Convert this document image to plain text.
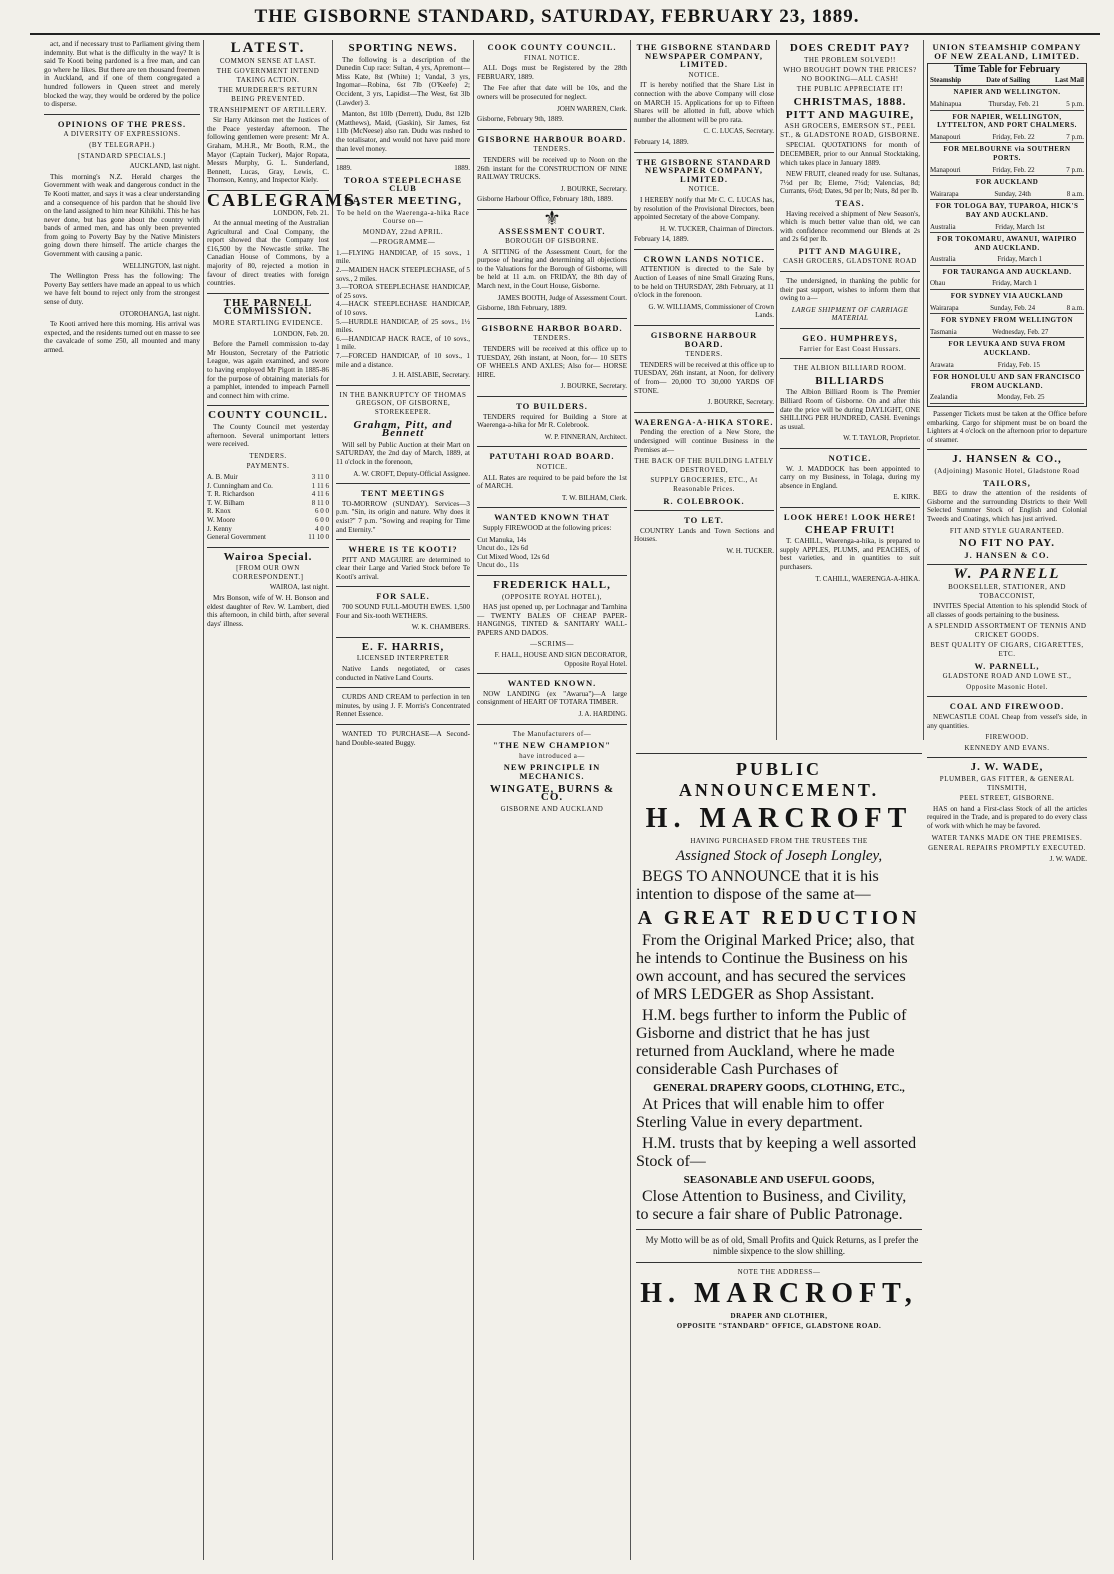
THE GISBORNE STANDARD, SATURDAY, FEBRUARY 23, 1889.

act, and if necessary trust to Parliament giving them indemnity. But what is the difficulty in the way? It is said Te Kooti being pardoned is a free man, and can go where he likes. But there are ten thousand freemen in Auckland, and if one of them congregated a hundred followers in Queen street and merely blocked the way, they would be ordered by the police to disperse.

OPINIONS OF THE PRESS.
A DIVERSITY OF EXPRESSIONS.
(BY TELEGRAPH.)
[STANDARD SPECIALS.]
AUCKLAND, last night.

This morning's N.Z. Herald charges the Government with weak and dangerous conduct in the Te Kooti matter, and says it was a clear understanding and a consequence of his pardon that he should live on the land assigned to him near Kihikihi. This he has never done, but has gone about the country with bands of armed men, and has only been prevented from going to Poverty Bay by the Native Ministers going down there himself. The article charges the Government with causing a panic.

WELLINGTON, last night.

The Wellington Press has the following: The Poverty Bay settlers have made an appeal to us which we have felt bound to reject only from the strongest sense of duty.

OTOROHANGA, last night.

Te Kooti arrived here this morning. His arrival was expected, and the residents turned out en masse to see the cavalcade of some 250, all mounted and many armed.

LATEST.
COMMON SENSE AT LAST.
THE GOVERNMENT INTEND TAKING ACTION.
THE MURDERER'S RETURN BEING PREVENTED.
TRANSHIPMENT OF ARTILLERY.

Sir Harry Atkinson met the Justices of the Peace yesterday afternoon. The following gentlemen were present: Mr A. Graham, M.H.R., Mr Booth, R.M., the Mayor (Captain Tucker), Major Ropata, Messrs Murphy, G. L. Sunderland, Bennett, Lucas, Gray, Lewis, C. Thomson, Kenny, and Inspector Kiely.

CABLEGRAMS.
LONDON, Feb. 21.

At the annual meeting of the Australian Agricultural and Coal Company, the report showed that the Company lost £16,500 by the Newcastle strike. The Canadian House of Commons, by a majority of 80, rejected a motion in favour of direct treaties with foreign countries.

THE PARNELL COMMISSION.
MORE STARTLING EVIDENCE.
LONDON, Feb. 20.

Before the Parnell commission to-day Mr Houston, Secretary of the Patriotic League, was again examined, and swore to having employed Mr Pigott in 1885-86 for the purpose of obtaining materials for a pamphlet, intended to impeach Parnell and connect him with crime.

COUNTY COUNCIL.

The County Council met yesterday afternoon. Several unimportant letters were received.

TENDERS.
PAYMENTS.
A. B. Muir	3 11 0
J. Cunningham and Co.	1 11 6
T. R. Richardson	4 11 6
T. W. Bilham	8 11 0
R. Knox	6 0 0
W. Moore	6 0 0
J. Kenny	4 0 0
General Government	11 10 0
Wairoa Special.
[FROM OUR OWN CORRESPONDENT.]
WAIROA, last night.

Mrs Bonson, wife of W. H. Bonson and eldest daughter of Rev. W. Lambert, died this afternoon, in child birth, after several days' illness.

SPORTING NEWS.

The following is a description of the Dunedin Cup race: Sultan, 4 yrs, Apremont—Miss Kate, 8st (White) 1; Vandal, 3 yrs, Ingomar—Robina, 6st 7lb (O'Keefe) 2; Occident, 3 yrs, Lapidist—The West, 6st 3lb (Lawder) 3.

Manton, 8st 10lb (Derrett), Dudu, 8st 12lb (Matthews), Maid, (Gaskin), Sir James, 6st 11lb (McNeese) also ran. Dudu was rushed to the totalisator, and would not have paid more than level money.

1889.	1889.
TOROA STEEPLECHASE CLUB
EASTER MEETING,
To be held on the Waerenga-a-hika Race Course on—
MONDAY, 22nd APRIL.
—PROGRAMME—
1.—FLYING HANDICAP, of 15 sovs., 1 mile.
2.—MAIDEN HACK STEEPLECHASE, of 5 sovs., 2 miles.
3.—TOROA STEEPLECHASE HANDICAP, of 25 sovs.
4.—HACK STEEPLECHASE HANDICAP, of 10 sovs.
5.—HURDLE HANDICAP, of 25 sovs., 1½ miles.
6.—HANDICAP HACK RACE, of 10 sovs., 1 mile.
7.—FORCED HANDICAP, of 10 sovs., 1 mile and a distance.
J. H. AISLABIE, Secretary.
IN THE BANKRUPTCY OF THOMAS GREGSON, OF GISBORNE, STOREKEEPER.
Graham, Pitt, and Bennett

Will sell by Public Auction at their Mart on SATURDAY, the 2nd day of March, 1889, at 11 o'clock in the forenoon,

A. W. CROFT, Deputy-Official Assignee.
TENT MEETINGS

TO-MORROW (SUNDAY). Services—3 p.m. "Sin, its origin and nature. Why does it exist?" 7 p.m. "Sowing and reaping for Time and Eternity."

WHERE IS TE KOOTI?

PITT AND MAGUIRE are determined to clear their Large and Varied Stock before Te Kooti's arrival.

FOR SALE.

700 SOUND FULL-MOUTH EWES. 1,500 Four and Six-tooth WETHERS.

W. K. CHAMBERS.
E. F. HARRIS,
LICENSED INTERPRETER

Native Lands negotiated, or cases conducted in Native Land Courts.

CURDS AND CREAM to perfection in ten minutes, by using J. F. Morris's Concentrated Rennet Essence.

WANTED TO PURCHASE—A Second-hand Double-seated Buggy.

COOK COUNTY COUNCIL.
FINAL NOTICE.

ALL Dogs must be Registered by the 28th FEBRUARY, 1889.

The Fee after that date will be 10s, and the owners will be prosecuted for neglect.

JOHN WARREN, Clerk.
Gisborne, February 9th, 1889.
GISBORNE HARBOUR BOARD.
TENDERS.

TENDERS will be received up to Noon on the 26th instant for the CONSTRUCTION OF NINE RAILWAY TRUCKS.

J. BOURKE, Secretary.
Gisborne Harbour Office, February 18th, 1889.
⚜
ASSESSMENT COURT.
BOROUGH OF GISBORNE.

A SITTING of the Assessment Court, for the purpose of hearing and determining all objections to the Valuations for the Borough of Gisborne, will be held at 11 a.m. on FRIDAY, the 8th day of March next, in the Court House, Gisborne.

JAMES BOOTH, Judge of Assessment Court.
Gisborne, 18th February, 1889.
GISBORNE HARBOR BOARD.
TENDERS.

TENDERS will be received at this office up to TUESDAY, 26th instant, at Noon, for— 10 SETS OF WHEELS AND AXLES; Also for— HORSE HIRE.

J. BOURKE, Secretary.
TO BUILDERS.

TENDERS required for Building a Store at Waerenga-a-hika for Mr R. Colebrook.

W. P. FINNERAN, Architect.
PATUTAHI ROAD BOARD.
NOTICE.

ALL Rates are required to be paid before the 1st of MARCH.

T. W. BILHAM, Clerk.
WANTED KNOWN THAT

Supply FIREWOOD at the following prices:

Cut Manuka, 14s
Uncut do., 12s 6d
Cut Mixed Wood, 12s 6d
Uncut do., 11s
FREDERICK HALL,
(OPPOSITE ROYAL HOTEL),

HAS just opened up, per Lochnagar and Tarnhina— TWENTY BALES OF CHEAP PAPER-HANGINGS, TINTED & SANITARY WALL-PAPERS AND DADOS.

—SCRIMS—
F. HALL, HOUSE AND SIGN DECORATOR, Opposite Royal Hotel.
WANTED KNOWN.

NOW LANDING (ex "Awarua")—A large consignment of HEART OF TOTARA TIMBER.

J. A. HARDING.
The Manufacturers of—
"THE NEW CHAMPION"
have introduced a—
NEW PRINCIPLE IN MECHANICS.
WINGATE, BURNS & CO.
GISBORNE AND AUCKLAND
THE GISBORNE STANDARD NEWSPAPER COMPANY, LIMITED.
NOTICE.

IT is hereby notified that the Share List in connection with the above Company will close on MARCH 15. Applications for up to Fifteen Shares will be allotted in full, above which number the allotment will be pro rata.

C. C. LUCAS, Secretary.
February 14, 1889.
THE GISBORNE STANDARD NEWSPAPER COMPANY, LIMITED.
NOTICE.

I HEREBY notify that Mr C. C. LUCAS has, by resolution of the Provisional Directors, been appointed Secretary of the above Company.

H. W. TUCKER, Chairman of Directors.
February 14, 1889.
CROWN LANDS NOTICE.

ATTENTION is directed to the Sale by Auction of Leases of nine Small Grazing Runs, to be held on THURSDAY, 28th February, at 11 o'clock in the forenoon.

G. W. WILLIAMS, Commissioner of Crown Lands.
GISBORNE HARBOUR BOARD.
TENDERS.

TENDERS will be received at this office up to TUESDAY, 26th instant, at Noon, for delivery of from— 20,000 TO 30,000 YARDS OF STONE.

J. BOURKE, Secretary.
WAERENGA-A-HIKA STORE.

Pending the erection of a New Store, the undersigned will continue Business in the Premises at—

THE BACK OF THE BUILDING LATELY DESTROYED,
SUPPLY GROCERIES, ETC., At Reasonable Prices.
R. COLEBROOK.
TO LET.

COUNTRY Lands and Town Sections and Houses.

W. H. TUCKER.
DOES CREDIT PAY?
THE PROBLEM SOLVED!!
WHO BROUGHT DOWN THE PRICES? NO BOOKING—ALL CASH!
THE PUBLIC APPRECIATE IT!
CHRISTMAS, 1888.
PITT AND MAGUIRE,
ASH GROCERS, EMERSON ST., PEEL ST., & GLADSTONE ROAD, GISBORNE.

SPECIAL QUOTATIONS for month of DECEMBER, prior to our Annual Stocktaking, which takes place in January 1889.

NEW FRUIT, cleaned ready for use. Sultanas, 7½d per lb; Eleme, 7½d; Valencias, 8d; Currants, 6½d; Dates, 9d per lb; Nuts, 8d per lb.

TEAS.

Having received a shipment of New Season's, which is much better value than old, we can with confidence recommend our Blends at 2s and 2s 6d per lb.

PITT AND MAGUIRE,
CASH GROCERS, GLADSTONE ROAD

The undersigned, in thanking the public for their past support, wishes to inform them that owing to a—

LARGE SHIPMENT OF CARRIAGE MATERIAL
GEO. HUMPHREYS,
Farrier for East Coast Hussars.
THE ALBION BILLIARD ROOM.
BILLIARDS

The Albion Billiard Room is The Premier Billiard Room of Gisborne. On and after this date the price will be during DAYLIGHT, ONE SHILLING PER HUNDRED, CASH. Evenings as usual.

W. T. TAYLOR, Proprietor.
NOTICE.

W. J. MADDOCK has been appointed to carry on my Business, in Tolaga, during my absence in England.

E. KIRK.
LOOK HERE! LOOK HERE!
CHEAP FRUIT!

T. CAHILL, Waerenga-a-hika, is prepared to supply APPLES, PLUMS, and PEACHES, of best varieties, and in quantities to suit purchasers.

T. CAHILL, WAERENGA-A-HIKA.
UNION STEAMSHIP COMPANY OF NEW ZEALAND, LIMITED.
Time Table for February
Steamship	Date of Sailing	Last Mail
NAPIER AND WELLINGTON.
Mahinapua	Thursday, Feb. 21	5 p.m.
FOR NAPIER, WELLINGTON, LYTTELTON, AND PORT CHALMERS.
Manapouri	Friday, Feb. 22	7 p.m.
FOR MELBOURNE via SOUTHERN PORTS.
Manapouri	Friday, Feb. 22	7 p.m.
FOR AUCKLAND
Wairarapa	Sunday, 24th	8 a.m.
FOR TOLOGA BAY, TUPAROA, HICK'S BAY AND AUCKLAND.
Australia	Friday, March 1st
FOR TOKOMARU, AWANUI, WAIPIRO AND AUCKLAND.
Australia	Friday, March 1
FOR TAURANGA AND AUCKLAND.
Ohau	Friday, March 1
FOR SYDNEY VIA AUCKLAND
Wairarapa	Sunday, Feb. 24	8 a.m.
FOR SYDNEY FROM WELLINGTON
Tasmania	Wednesday, Feb. 27
FOR LEVUKA AND SUVA FROM AUCKLAND.
Arawata	Friday, Feb. 15
FOR HONOLULU AND SAN FRANCISCO FROM AUCKLAND.
Zealandia	Monday, Feb. 25

Passenger Tickets must be taken at the Office before embarking. Cargo for shipment must be on board the Lighters at 4 o'clock on the afternoon prior to departure of steamer.

J. HANSEN & CO.,
(Adjoining) Masonic Hotel, Gladstone Road
TAILORS,

BEG to draw the attention of the residents of Gisborne and the surrounding Districts to their Well Selected Summer Stock of English and Colonial Tweeds and Coatings, which has just arrived.

FIT AND STYLE GUARANTEED.
NO FIT NO PAY.
J. HANSEN & CO.
W. PARNELL
BOOKSELLER, STATIONER, AND TOBACCONIST,

INVITES Special Attention to his splendid Stock of all classes of goods pertaining to the business.

A SPLENDID ASSORTMENT OF TENNIS AND CRICKET GOODS.
BEST QUALITY OF CIGARS, CIGARETTES, ETC.
W. PARNELL,
GLADSTONE ROAD AND LOWE ST.,
Opposite Masonic Hotel.
COAL AND FIREWOOD.

NEWCASTLE COAL Cheap from vessel's side, in any quantities.

FIREWOOD.
KENNEDY AND EVANS.
J. W. WADE,
PLUMBER, GAS FITTER, & GENERAL TINSMITH,
PEEL STREET, GISBORNE.

HAS on hand a First-class Stock of all the articles required in the Trade, and is prepared to do every class of work with which he may be favored.

WATER TANKS MADE ON THE PREMISES.
GENERAL REPAIRS PROMPTLY EXECUTED.
J. W. WADE.
PUBLIC ANNOUNCEMENT.
H. MARCROFT
HAVING PURCHASED FROM THE TRUSTEES THE
Assigned Stock of Joseph Longley,

BEGS TO ANNOUNCE that it is his intention to dispose of the same at—

A GREAT REDUCTION

From the Original Marked Price; also, that he intends to Continue the Business on his own account, and has secured the services of MRS LEDGER as Shop Assistant.

H.M. begs further to inform the Public of Gisborne and district that he has just returned from Auckland, where he made considerable Cash Purchases of

GENERAL DRAPERY GOODS, CLOTHING, ETC.,

At Prices that will enable him to offer Sterling Value in every department.

H.M. trusts that by keeping a well assorted Stock of—

SEASONABLE AND USEFUL GOODS,

Close Attention to Business, and Civility, to secure a fair share of Public Patronage.

My Motto will be as of old, Small Profits and Quick Returns, as I prefer the nimble sixpence to the slow shilling.

NOTE THE ADDRESS—
H. MARCROFT,
DRAPER AND CLOTHIER,
OPPOSITE "STANDARD" OFFICE, GLADSTONE ROAD.
